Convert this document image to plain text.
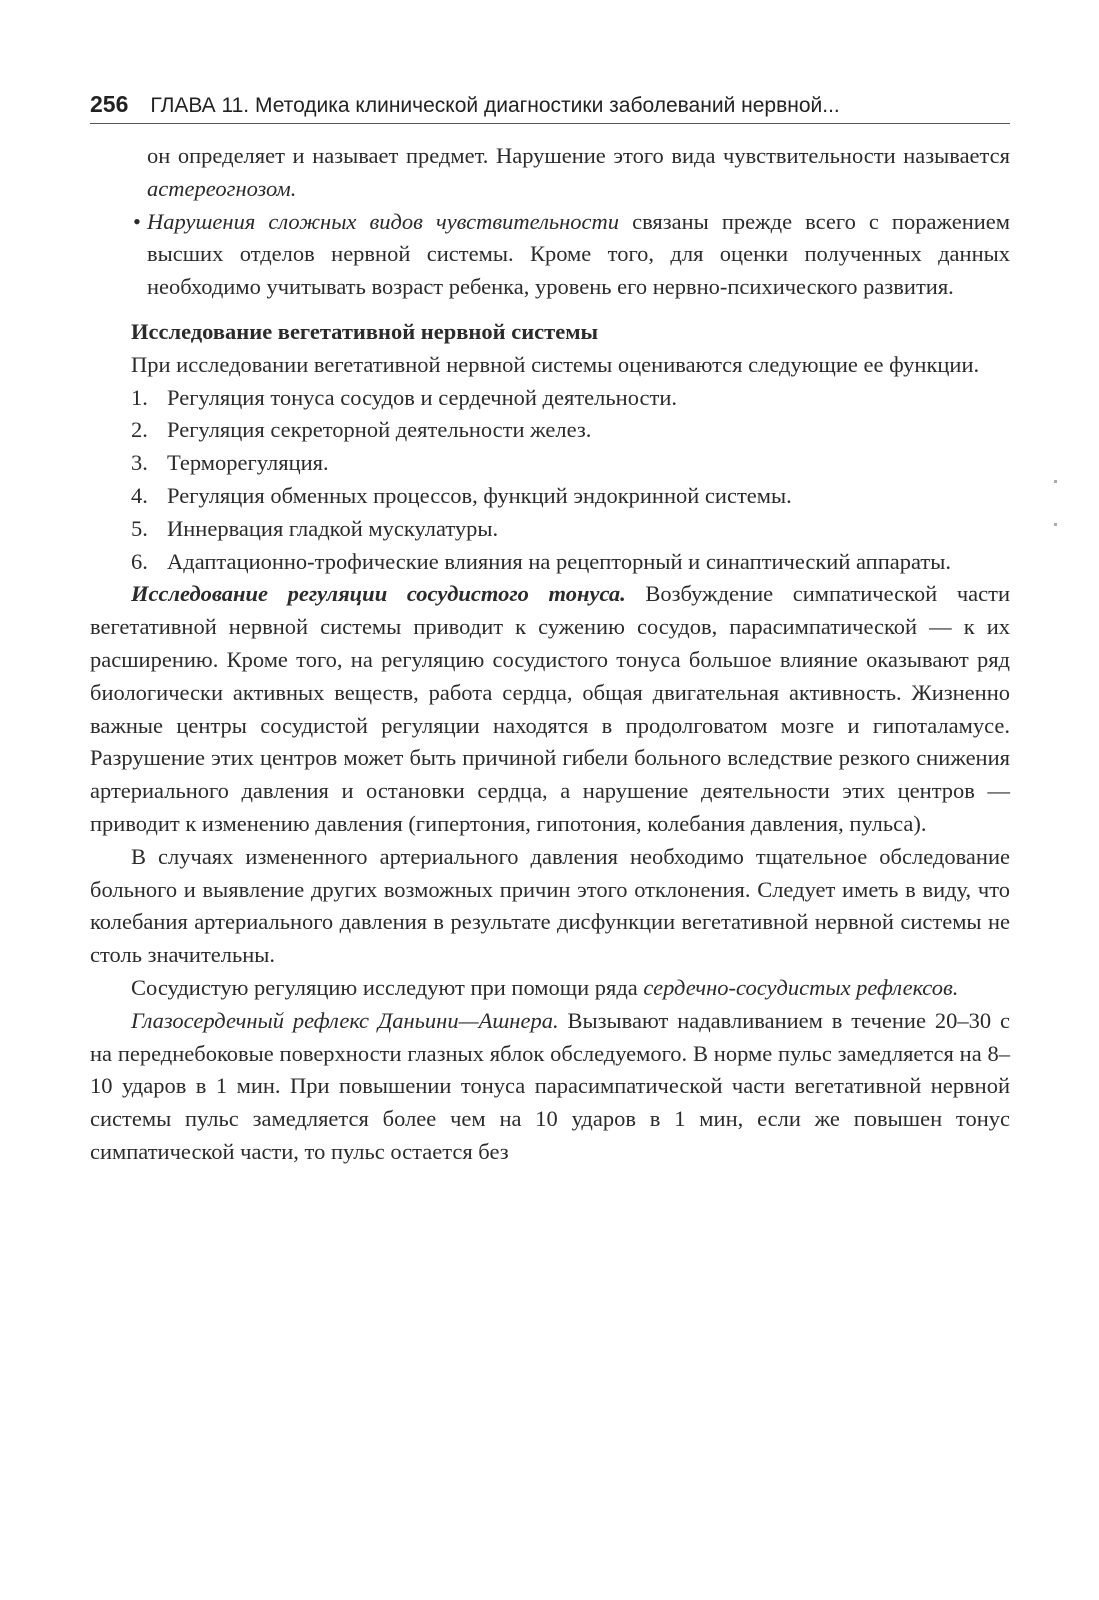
256 ГЛАВА 11. Методика клинической диагностики заболеваний нервной...

он определяет и называет предмет. Нарушение этого вида чувствительности называется астереогнозом.

• Нарушения сложных видов чувствительности связаны прежде всего с поражением высших отделов нервной системы. Кроме того, для оценки полученных данных необходимо учитывать возраст ребенка, уровень его нервно-психического развития.

Исследование вегетативной нервной системы

При исследовании вегетативной нервной системы оцениваются следующие ее функции.

1. Регуляция тонуса сосудов и сердечной деятельности.
2. Регуляция секреторной деятельности желез.
3. Терморегуляция.
4. Регуляция обменных процессов, функций эндокринной системы.
5. Иннервация гладкой мускулатуры.
6. Адаптационно-трофические влияния на рецепторный и синаптический аппараты.

Исследование регуляции сосудистого тонуса. Возбуждение симпатической части вегетативной нервной системы приводит к сужению сосудов, парасимпатической — к их расширению. Кроме того, на регуляцию сосудистого тонуса большое влияние оказывают ряд биологически активных веществ, работа сердца, общая двигательная активность. Жизненно важные центры сосудистой регуляции находятся в продолговатом мозге и гипоталамусе. Разрушение этих центров может быть причиной гибели больного вследствие резкого снижения артериального давления и остановки сердца, а нарушение деятельности этих центров — приводит к изменению давления (гипертония, гипотония, колебания давления, пульса).

В случаях измененного артериального давления необходимо тщательное обследование больного и выявление других возможных причин этого отклонения. Следует иметь в виду, что колебания артериального давления в результате дисфункции вегетативной нервной системы не столь значительны.

Сосудистую регуляцию исследуют при помощи ряда сердечно-сосудистых рефлексов.

Глазосердечный рефлекс Даньини—Ашнера. Вызывают надавливанием в течение 20–30 с на переднебоковые поверхности глазных яблок обследуемого. В норме пульс замедляется на 8–10 ударов в 1 мин. При повышении тонуса парасимпатической части вегетативной нервной системы пульс замедляется более чем на 10 ударов в 1 мин, если же повышен тонус симпатической части, то пульс остается без
